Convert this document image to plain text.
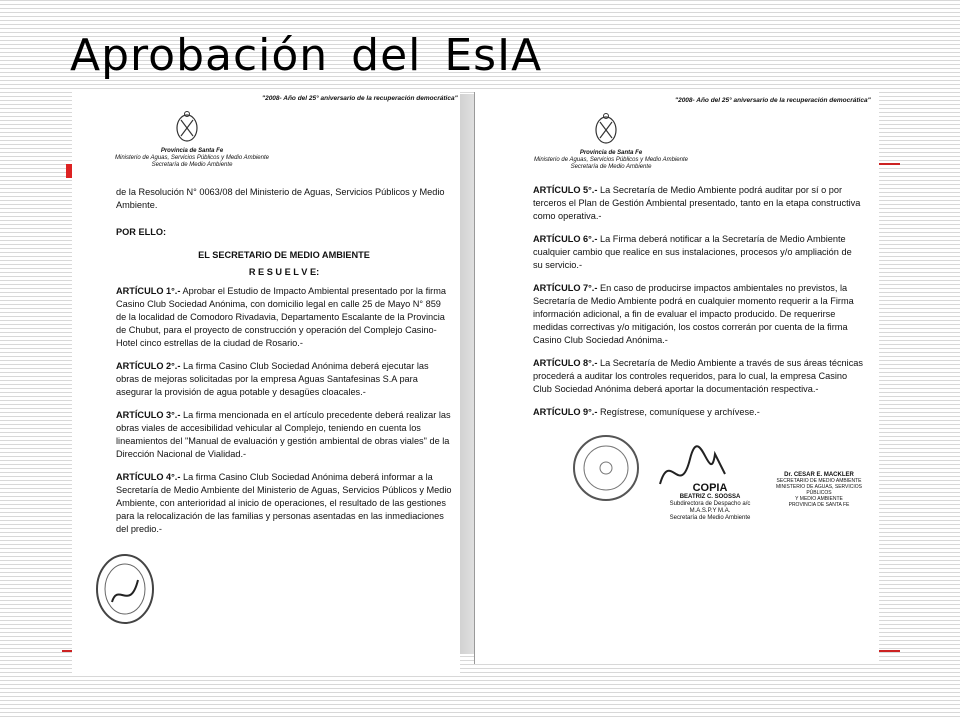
Aprobación del EsIA
"2008- Año del 25° aniversario de la recuperación democrática"
Provincia de Santa Fe
Ministerio de Aguas, Servicios Públicos y Medio Ambiente
Secretaría de Medio Ambiente
de la Resolución N° 0063/08 del Ministerio de Aguas, Servicios Públicos y Medio Ambiente.
POR ELLO:
EL SECRETARIO DE MEDIO AMBIENTE
R E S U E L V E:
ARTÍCULO 1°.- Aprobar el Estudio de Impacto Ambiental presentado por la firma Casino Club Sociedad Anónima, con domicilio legal en calle 25 de Mayo N° 859 de la localidad de Comodoro Rivadavia, Departamento Escalante de la Provincia de Chubut, para el proyecto de construcción y operación del Complejo Casino-Hotel cinco estrellas de la ciudad de Rosario.-
ARTÍCULO 2°.- La firma Casino Club Sociedad Anónima deberá ejecutar las obras de mejoras solicitadas por la empresa Aguas Santafesinas S.A para asegurar la provisión de agua potable y desagües cloacales.-
ARTÍCULO 3°.- La firma mencionada en el artículo precedente deberá realizar las obras viales de accesibilidad vehicular al Complejo, teniendo en cuenta los lineamientos del "Manual de evaluación y gestión ambiental de obras viales" de la Dirección Nacional de Vialidad.-
ARTÍCULO 4°.- La firma Casino Club Sociedad Anónima deberá informar a la Secretaría de Medio Ambiente del Ministerio de Aguas, Servicios Públicos y Medio Ambiente, con anterioridad al inicio de operaciones, el resultado de las gestiones para la relocalización de las familias y personas asentadas en las inmediaciones del predio.-
"2008- Año del 25° aniversario de la recuperación democrática"
Provincia de Santa Fe
Ministerio de Aguas, Servicios Públicos y Medio Ambiente
Secretaría de Medio Ambiente
ARTÍCULO 5°.- La Secretaría de Medio Ambiente podrá auditar por sí o por terceros el Plan de Gestión Ambiental presentado, tanto en la etapa constructiva como operativa.-
ARTÍCULO 6°.- La Firma deberá notificar a la Secretaría de Medio Ambiente cualquier cambio que realice en sus instalaciones, procesos y/o ampliación de su servicio.-
ARTÍCULO 7°.- En caso de producirse impactos ambientales no previstos, la Secretaría de Medio Ambiente podrá en cualquier momento requerir a la Firma información adicional, a fin de evaluar el impacto producido. De requerirse medidas correctivas y/o mitigación, los costos correrán por cuenta de la firma Casino Club Sociedad Anónima.-
ARTÍCULO 8°.- La Secretaría de Medio Ambiente a través de sus áreas técnicas procederá a auditar los controles requeridos, para lo cual, la empresa Casino Club Sociedad Anónima deberá aportar la documentación respectiva.-
ARTÍCULO 9°.- Regístrese, comuníquese y archívese.-
COPIA
BEATRIZ C. SOOSSA
Subdirectora de Despacho a/c
M.A.S.P.Y M.A.
Secretaría de Medio Ambiente
Dr. CESAR E. MACKLER
SECRETARIO DE MEDIO AMBIENTE
MINISTERIO DE AGUAS, SERVICIOS PÚBLICOS
Y MEDIO AMBIENTE
PROVINCIA DE SANTA FE
